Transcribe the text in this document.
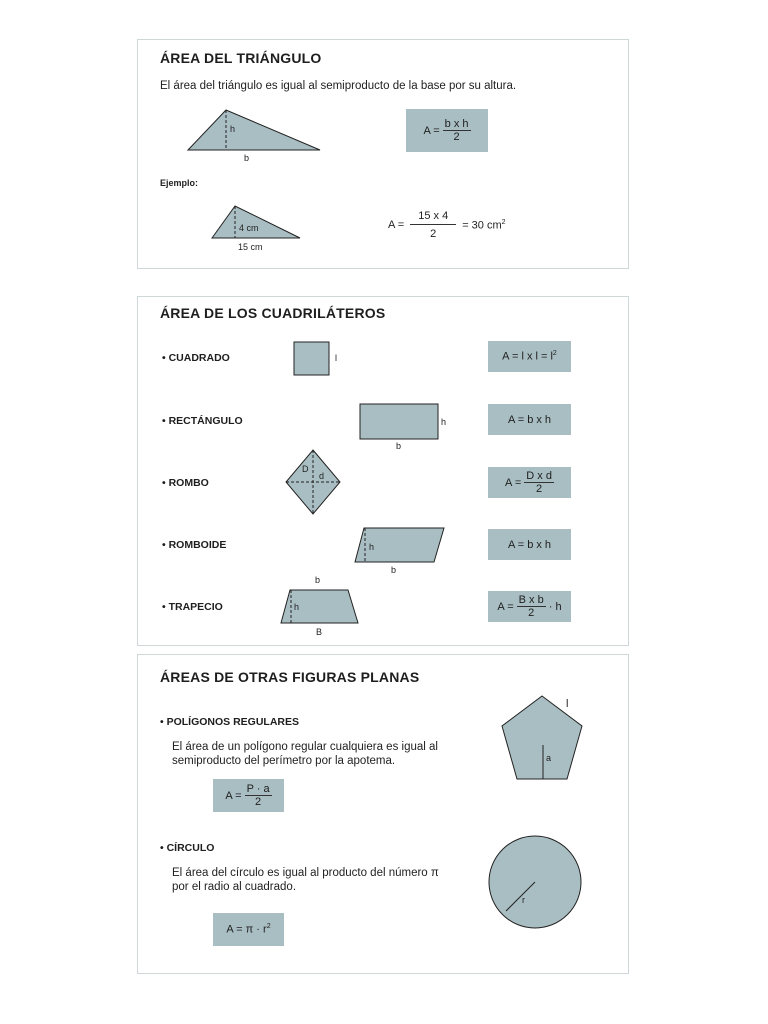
ÁREA DEL TRIÁNGULO
El área del triángulo es igual al semiproducto de la base por su altura.
h
b
$A = \frac{\text{b x h}}{2}$
Ejemplo:
4 cm
15 cm
$A = \frac{15 x 4}{2} = 30$ $cm^2$
ÁREA DE LOS CUADRILÁTEROS
• CUADRADO	l	A = l x $l = l^2$
• RECTÁNGULO	h
b
A = b x h
• ROMBO
D
d
$A = \frac{\text{D x d}}{2}$
• ROMBOIDE	h
b
A = b x h
• TRAPECIO
b
h
B
$A = \frac{\text{B x b}}{2} \cdot h$
ÁREAS DE OTRAS FIGURAS PLANAS
• POLÍGONOS REGULARES
El área de un polígono regular cualquiera es igual al
semiproducto del perímetro por la apotema.
$A = \frac{P \cdot a}{2}$
l
a
• CÍRCULO
El área del círculo es igual al producto del número π
por el radio al cuadrado.
$A = \pi \cdot r^2$
r
